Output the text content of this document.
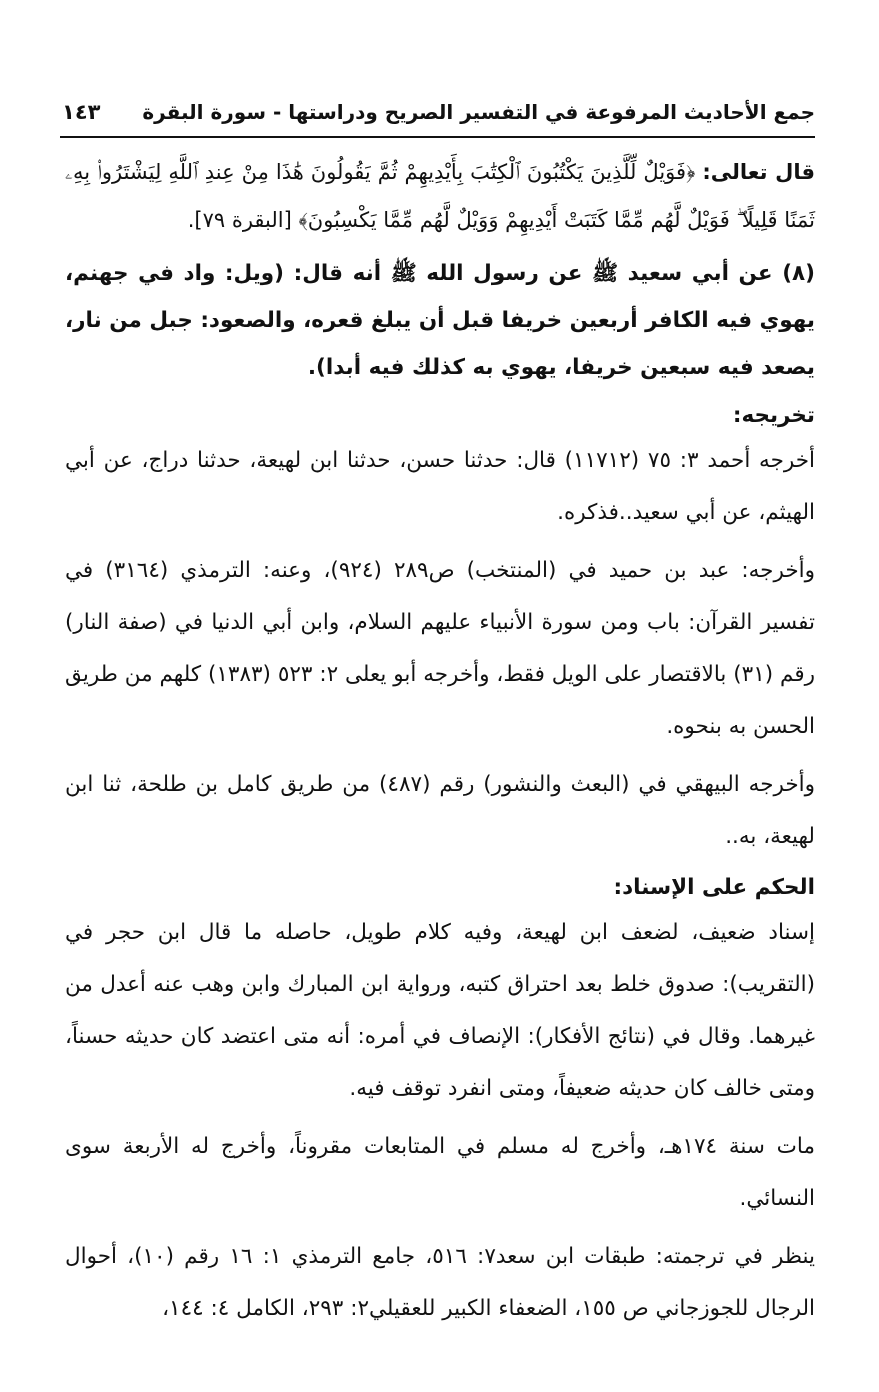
جمع الأحاديث المرفوعة في التفسير الصريح ودراستها - سورة البقرة
١٤٣

قال تعالى: ﴿فَوَيْلٌ لِّلَّذِينَ يَكْتُبُونَ ٱلْكِتَٰبَ بِأَيْدِيهِمْ ثُمَّ يَقُولُونَ هَٰذَا مِنْ عِندِ ٱللَّهِ لِيَشْتَرُوا۟ بِهِۦ ثَمَنًا قَلِيلًا ۖ فَوَيْلٌ لَّهُم مِّمَّا كَتَبَتْ أَيْدِيهِمْ وَوَيْلٌ لَّهُم مِّمَّا يَكْسِبُونَ﴾ [البقرة ٧٩].

(٨) عن أبي سعيد ﷺ عن رسول الله ﷺ أنه قال: (ويل: واد في جهنم، يهوي فيه الكافر أربعين خريفا قبل أن يبلغ قعره، والصعود: جبل من نار، يصعد فيه سبعين خريفا، يهوي به كذلك فيه أبدا).

تخريجه:

أخرجه أحمد ٣: ٧٥ (١١٧١٢) قال: حدثنا حسن، حدثنا ابن لهيعة، حدثنا دراج، عن أبي الهيثم، عن أبي سعيد..فذكره.

وأخرجه: عبد بن حميد في (المنتخب) ص٢٨٩ (٩٢٤)، وعنه: الترمذي (٣١٦٤) في تفسير القرآن: باب ومن سورة الأنبياء عليهم السلام، وابن أبي الدنيا في (صفة النار) رقم (٣١) بالاقتصار على الويل فقط، وأخرجه أبو يعلى ٢: ٥٢٣ (١٣٨٣) كلهم من طريق الحسن به بنحوه.

وأخرجه البيهقي في (البعث والنشور) رقم (٤٨٧) من طريق كامل بن طلحة، ثنا ابن لهيعة، به..

الحكم على الإسناد:

إسناد ضعيف، لضعف ابن لهيعة، وفيه كلام طويل، حاصله ما قال ابن حجر في (التقريب): صدوق خلط بعد احتراق كتبه، ورواية ابن المبارك وابن وهب عنه أعدل من غيرهما. وقال في (نتائج الأفكار): الإنصاف في أمره: أنه متى اعتضد كان حديثه حسناً، ومتى خالف كان حديثه ضعيفاً، ومتى انفرد توقف فيه.

مات سنة ١٧٤هـ، وأخرج له مسلم في المتابعات مقروناً، وأخرج له الأربعة سوى النسائي.

ينظر في ترجمته: طبقات ابن سعد٧: ٥١٦، جامع الترمذي ١: ١٦ رقم (١٠)، أحوال الرجال للجوزجاني ص ١٥٥، الضعفاء الكبير للعقيلي٢: ٢٩٣، الكامل ٤: ١٤٤،
